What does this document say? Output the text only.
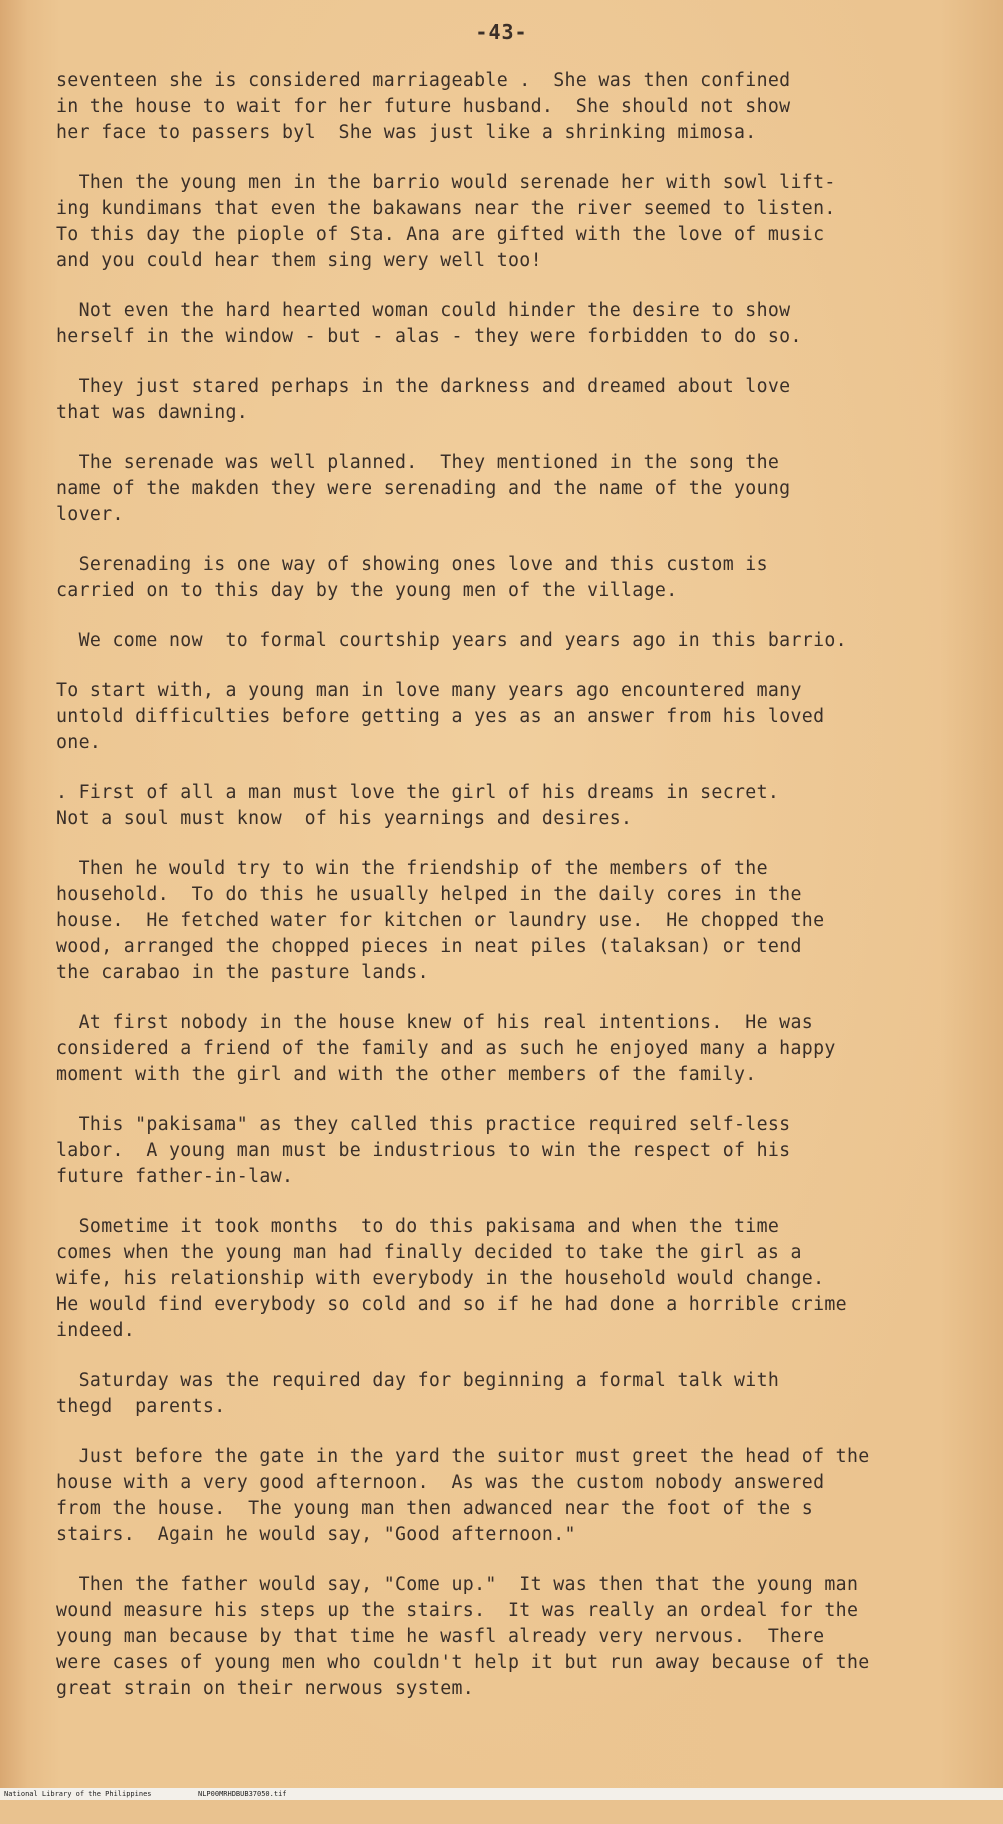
-43-

seventeen she is considered marriageable .  She was then confined
in the house to wait for her future husband.  She should not show
her face to passers byl  She was just like a shrinking mimosa.

Then the young men in the barrio would serenade her with sowl lift-
ing kundimans that even the bakawans near the river seemed to listen.
To this day the piople of Sta. Ana are gifted with the love of music
and you could hear them sing wery well too!

Not even the hard hearted woman could hinder the desire to show
herself in the window - but - alas - they were forbidden to do so.

They just stared perhaps in the darkness and dreamed about love
that was dawning.

The serenade was well planned.  They mentioned in the song the
name of the makden they were serenading and the name of the young
lover.

Serenading is one way of showing ones love and this custom is
carried on to this day by the young men of the village.

We come now  to formal courtship years and years ago in this barrio.

To start with, a young man in love many years ago encountered many
untold difficulties before getting a yes as an answer from his loved
one.

. First of all a man must love the girl of his dreams in secret.
Not a soul must know  of his yearnings and desires.

Then he would try to win the friendship of the members of the
household.  To do this he usually helped in the daily cores in the
house.  He fetched water for kitchen or laundry use.  He chopped the
wood, arranged the chopped pieces in neat piles (talaksan) or tend
the carabao in the pasture lands.

At first nobody in the house knew of his real intentions.  He was
considered a friend of the family and as such he enjoyed many a happy
moment with the girl and with the other members of the family.

This "pakisama" as they called this practice required self-less
labor.  A young man must be industrious to win the respect of his
future father-in-law.

Sometime it took months  to do this pakisama and when the time
comes when the young man had finally decided to take the girl as a
wife, his relationship with everybody in the household would change.
He would find everybody so cold and so if he had done a horrible crime
indeed.

Saturday was the required day for beginning a formal talk with
thegd  parents.

Just before the gate in the yard the suitor must greet the head of the
house with a very good afternoon.  As was the custom nobody answered
from the house.  The young man then adwanced near the foot of the s
stairs.  Again he would say, "Good afternoon."

Then the father would say, "Come up."  It was then that the young man
wound measure his steps up the stairs.  It was really an ordeal for the
young man because by that time he wasfl already very nervous.  There
were cases of young men who couldn't help it but run away because of the
great strain on their nerwous system.

National Library of the Philippines

	NLP00MRHDBUB37050.tif
